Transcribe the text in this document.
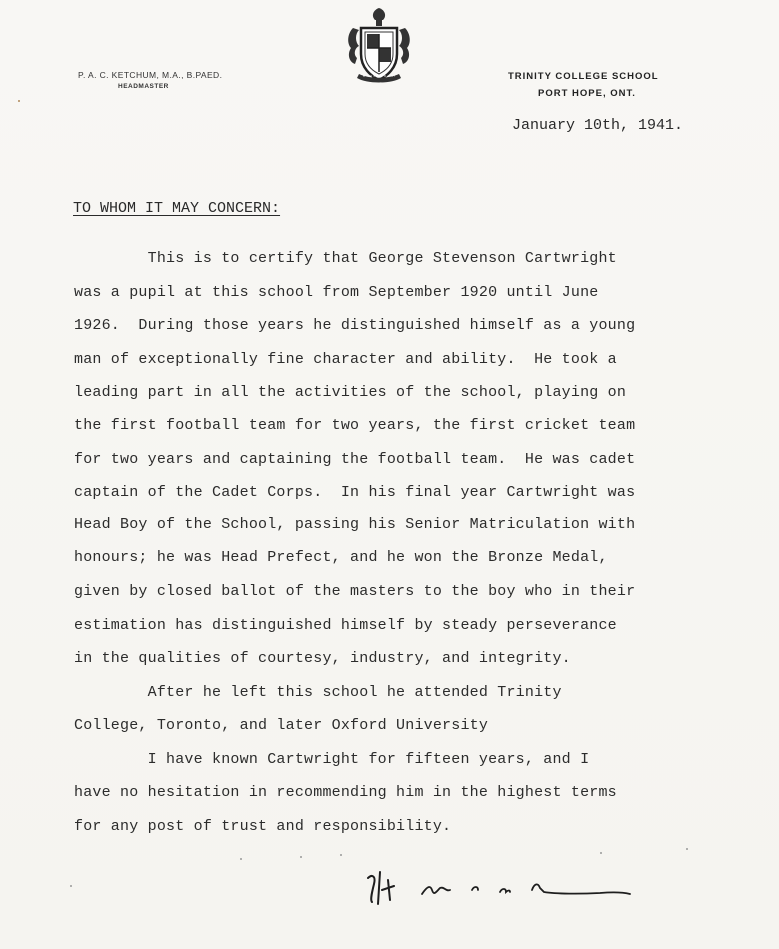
P. A. C. KETCHUM, M.A., B.PAED.
HEADMASTER
TRINITY COLLEGE SCHOOL
PORT HOPE, ONT.
January 10th, 1941.
TO WHOM IT MAY CONCERN:
This is to certify that George Stevenson Cartwright
was a pupil at this school from September 1920 until June
1926.  During those years he distinguished himself as a young
man of exceptionally fine character and ability.  He took a
leading part in all the activities of the school, playing on
the first football team for two years, the first cricket team
for two years and captaining the football team.  He was cadet
captain of the Cadet Corps.  In his final year Cartwright was
Head Boy of the School, passing his Senior Matriculation with
honours; he was Head Prefect, and he won the Bronze Medal,
given by closed ballot of the masters to the boy who in their
estimation has distinguished himself by steady perseverance
in the qualities of courtesy, industry, and integrity.
After he left this school he attended Trinity
College, Toronto, and later Oxford University
I have known Cartwright for fifteen years, and I
have no hesitation in recommending him in the highest terms
for any post of trust and responsibility.
